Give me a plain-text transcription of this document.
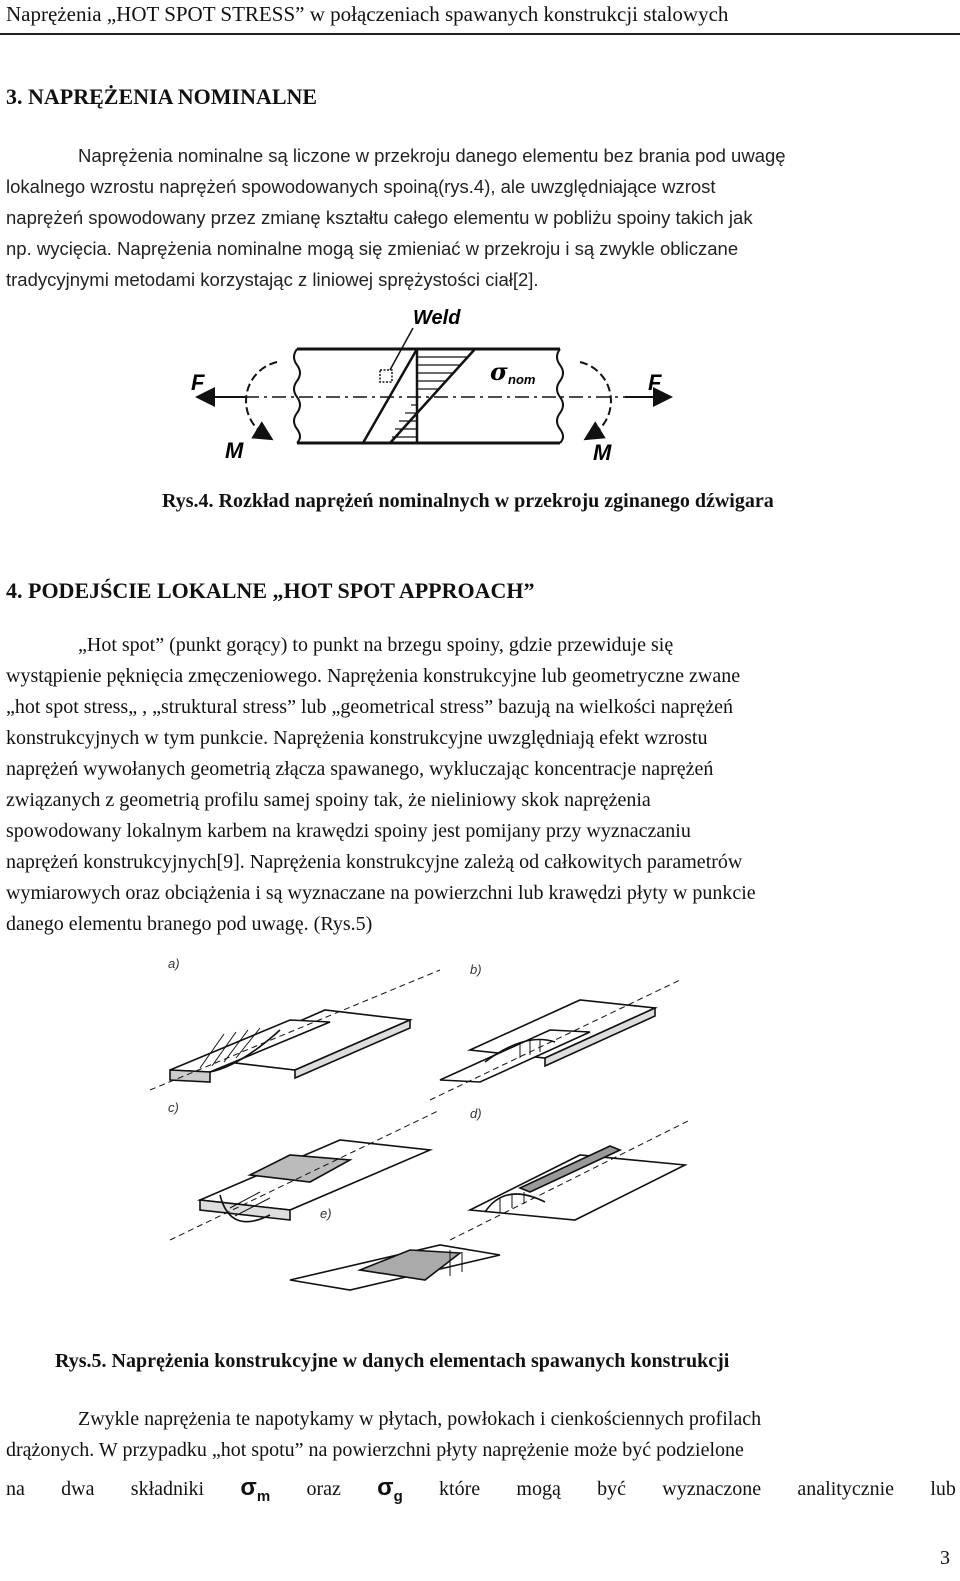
Naprężenia „HOT SPOT STRESS” w połączeniach spawanych konstrukcji stalowych
3. NAPRĘŻENIA NOMINALNE
Naprężenia nominalne są liczone w przekroju danego elementu bez brania pod uwagę
lokalnego wzrostu naprężeń spowodowanych spoiną(rys.4), ale uwzględniające wzrost
naprężeń spowodowany przez zmianę kształtu całego elementu w pobliżu spoiny takich jak
np. wycięcia. Naprężenia nominalne mogą się zmieniać w przekroju i są zwykle obliczane
tradycyjnymi metodami korzystając z liniowej sprężystości ciał[2].
Weld
σ nom
F	F
M	M
Rys.4. Rozkład naprężeń nominalnych w przekroju zginanego dźwigara
4. PODEJŚCIE LOKALNE „HOT SPOT APPROACH”
„Hot spot” (punkt gorący) to punkt na brzegu spoiny, gdzie przewiduje się
wystąpienie pęknięcia zmęczeniowego. Naprężenia konstrukcyjne lub geometryczne zwane
„hot spot stress„ , „struktural stress” lub „geometrical stress” bazują na wielkości naprężeń
konstrukcyjnych w tym punkcie. Naprężenia konstrukcyjne uwzględniają efekt wzrostu
naprężeń wywołanych geometrią złącza spawanego, wykluczając koncentracje naprężeń
związanych z geometrią profilu samej spoiny tak, że nieliniowy skok naprężenia
spowodowany lokalnym karbem na krawędzi spoiny jest pomijany przy wyznaczaniu
naprężeń konstrukcyjnych[9]. Naprężenia konstrukcyjne zależą od całkowitych parametrów
wymiarowych oraz obciążenia i są wyznaczane na powierzchni lub krawędzi płyty w punkcie
danego elementu branego pod uwagę. (Rys.5)
a)	b)
c)	d)
e)
Rys.5. Naprężenia konstrukcyjne w danych elementach spawanych konstrukcji
Zwykle naprężenia te napotykamy w płytach, powłokach i cienkościennych profilach
drążonych. W przypadku „hot spotu” na powierzchni płyty naprężenie może być podzielone
na dwa składniki $\sigma_m$ oraz $\sigma_g$ które mogą być wyznaczone analitycznie lub
3
